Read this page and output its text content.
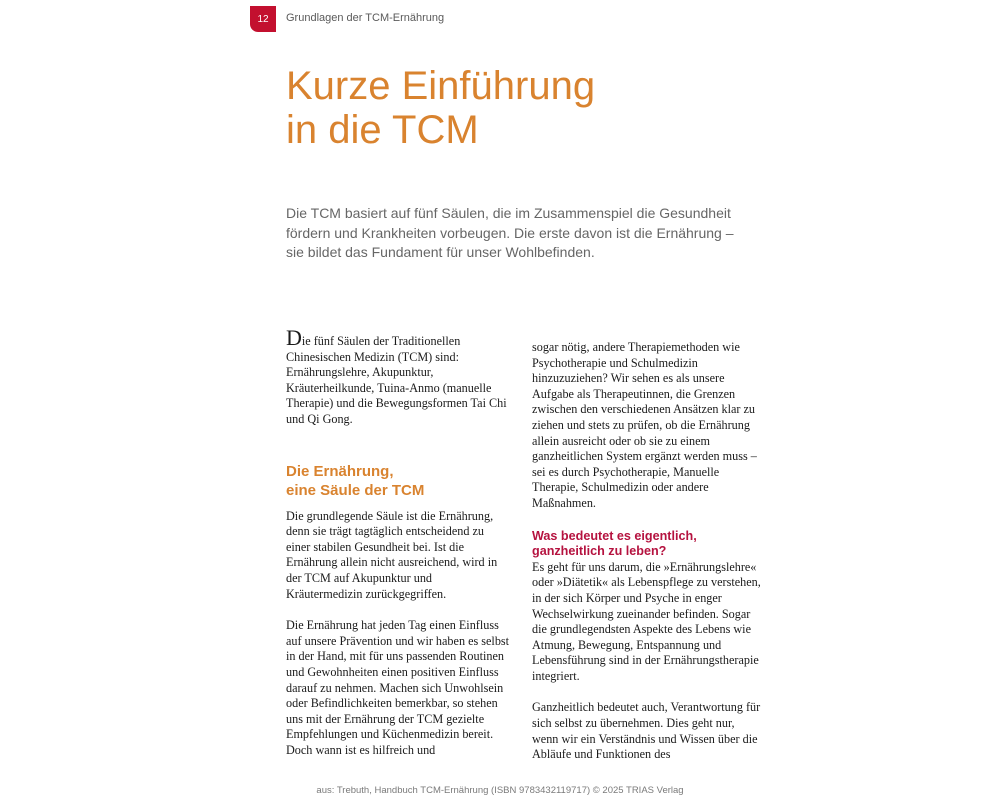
12 Grundlagen der TCM-Ernährung
Kurze Einführung
in die TCM

Die TCM basiert auf fünf Säulen, die im Zusammenspiel die Gesundheit fördern und Krankheiten vorbeugen. Die erste davon ist die Ernährung – sie bildet das Fundament für unser Wohlbefinden.

Die fünf Säulen der Traditionellen Chinesischen Medizin (TCM) sind: Ernährungslehre, Akupunktur, Kräuterheilkunde, Tuina-Anmo (manuelle Therapie) und die Bewegungsformen Tai Chi und Qi Gong.

Die Ernährung,
eine Säule der TCM

Die grundlegende Säule ist die Ernährung, denn sie trägt tagtäglich entscheidend zu einer stabilen Gesundheit bei. Ist die Ernährung allein nicht ausreichend, wird in der TCM auf Akupunktur und Kräutermedizin zurückgegriffen.

Die Ernährung hat jeden Tag einen Einfluss auf unsere Prävention und wir haben es selbst in der Hand, mit für uns passenden Routinen und Gewohnheiten einen positiven Einfluss darauf zu nehmen. Machen sich Unwohlsein oder Befindlichkeiten bemerkbar, so stehen uns mit der Ernährung der TCM gezielte Empfehlungen und Küchenmedizin bereit. Doch wann ist es hilfreich und

sogar nötig, andere Therapiemethoden wie Psychotherapie und Schulmedizin hinzuzuziehen? Wir sehen es als unsere Aufgabe als Therapeutinnen, die Grenzen zwischen den verschiedenen Ansätzen klar zu ziehen und stets zu prüfen, ob die Ernährung allein ausreicht oder ob sie zu einem ganzheitlichen System ergänzt werden muss – sei es durch Psychotherapie, Manuelle Therapie, Schulmedizin oder andere Maßnahmen.

Was bedeutet es eigentlich,
ganzheitlich zu leben?

Es geht für uns darum, die »Ernährungslehre« oder »Diätetik« als Lebenspflege zu verstehen, in der sich Körper und Psyche in enger Wechselwirkung zueinander befinden. Sogar die grundlegendsten Aspekte des Lebens wie Atmung, Bewegung, Entspannung und Lebensführung sind in der Ernährungstherapie integriert.

Ganzheitlich bedeutet auch, Verantwortung für sich selbst zu übernehmen. Dies geht nur, wenn wir ein Verständnis und Wissen über die Abläufe und Funktionen des

aus: Trebuth, Handbuch TCM-Ernährung (ISBN 9783432119717) © 2025 TRIAS Verlag
